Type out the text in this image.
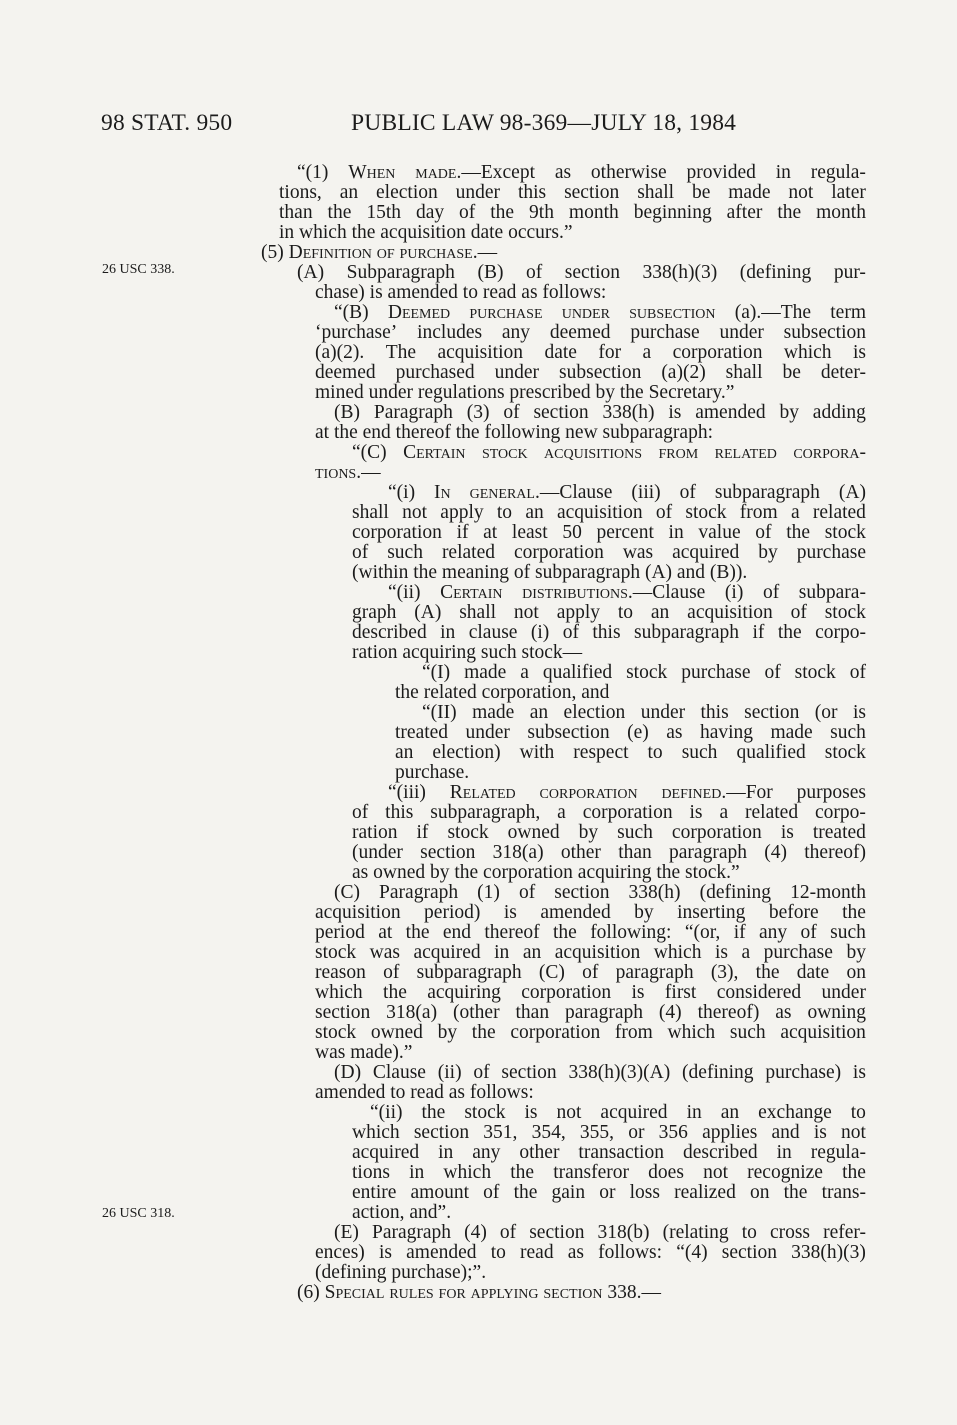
98 STAT. 950	PUBLIC LAW 98-369—JULY 18, 1984
26 USC 338.
26 USC 318.
“(1) When made.—Except as otherwise provided in regula-
tions, an election under this section shall be made not later
than the 15th day of the 9th month beginning after the month
in which the acquisition date occurs.”
(5) Definition of purchase.—
(A) Subparagraph (B) of section 338(h)(3) (defining pur-
chase) is amended to read as follows:
“(B) Deemed purchase under subsection (a).—The term
‘purchase’ includes any deemed purchase under subsection
(a)(2). The acquisition date for a corporation which is
deemed purchased under subsection (a)(2) shall be deter-
mined under regulations prescribed by the Secretary.”
(B) Paragraph (3) of section 338(h) is amended by adding
at the end thereof the following new subparagraph:
“(C) Certain stock acquisitions from related corpora-
tions.—
“(i) In general.—Clause (iii) of subparagraph (A)
shall not apply to an acquisition of stock from a related
corporation if at least 50 percent in value of the stock
of such related corporation was acquired by purchase
(within the meaning of subparagraph (A) and (B)).
“(ii) Certain distributions.—Clause (i) of subpara-
graph (A) shall not apply to an acquisition of stock
described in clause (i) of this subparagraph if the corpo-
ration acquiring such stock—
“(I) made a qualified stock purchase of stock of
the related corporation, and
“(II) made an election under this section (or is
treated under subsection (e) as having made such
an election) with respect to such qualified stock
purchase.
“(iii) Related corporation defined.—For purposes
of this subparagraph, a corporation is a related corpo-
ration if stock owned by such corporation is treated
(under section 318(a) other than paragraph (4) thereof)
as owned by the corporation acquiring the stock.”
(C) Paragraph (1) of section 338(h) (defining 12-month
acquisition period) is amended by inserting before the
period at the end thereof the following: “(or, if any of such
stock was acquired in an acquisition which is a purchase by
reason of subparagraph (C) of paragraph (3), the date on
which the acquiring corporation is first considered under
section 318(a) (other than paragraph (4) thereof) as owning
stock owned by the corporation from which such acquisition
was made).”
(D) Clause (ii) of section 338(h)(3)(A) (defining purchase) is
amended to read as follows:
“(ii) the stock is not acquired in an exchange to
which section 351, 354, 355, or 356 applies and is not
acquired in any other transaction described in regula-
tions in which the transferor does not recognize the
entire amount of the gain or loss realized on the trans-
action, and”.
(E) Paragraph (4) of section 318(b) (relating to cross refer-
ences) is amended to read as follows: “(4) section 338(h)(3)
(defining purchase);”.
(6) Special rules for applying section 338.—
